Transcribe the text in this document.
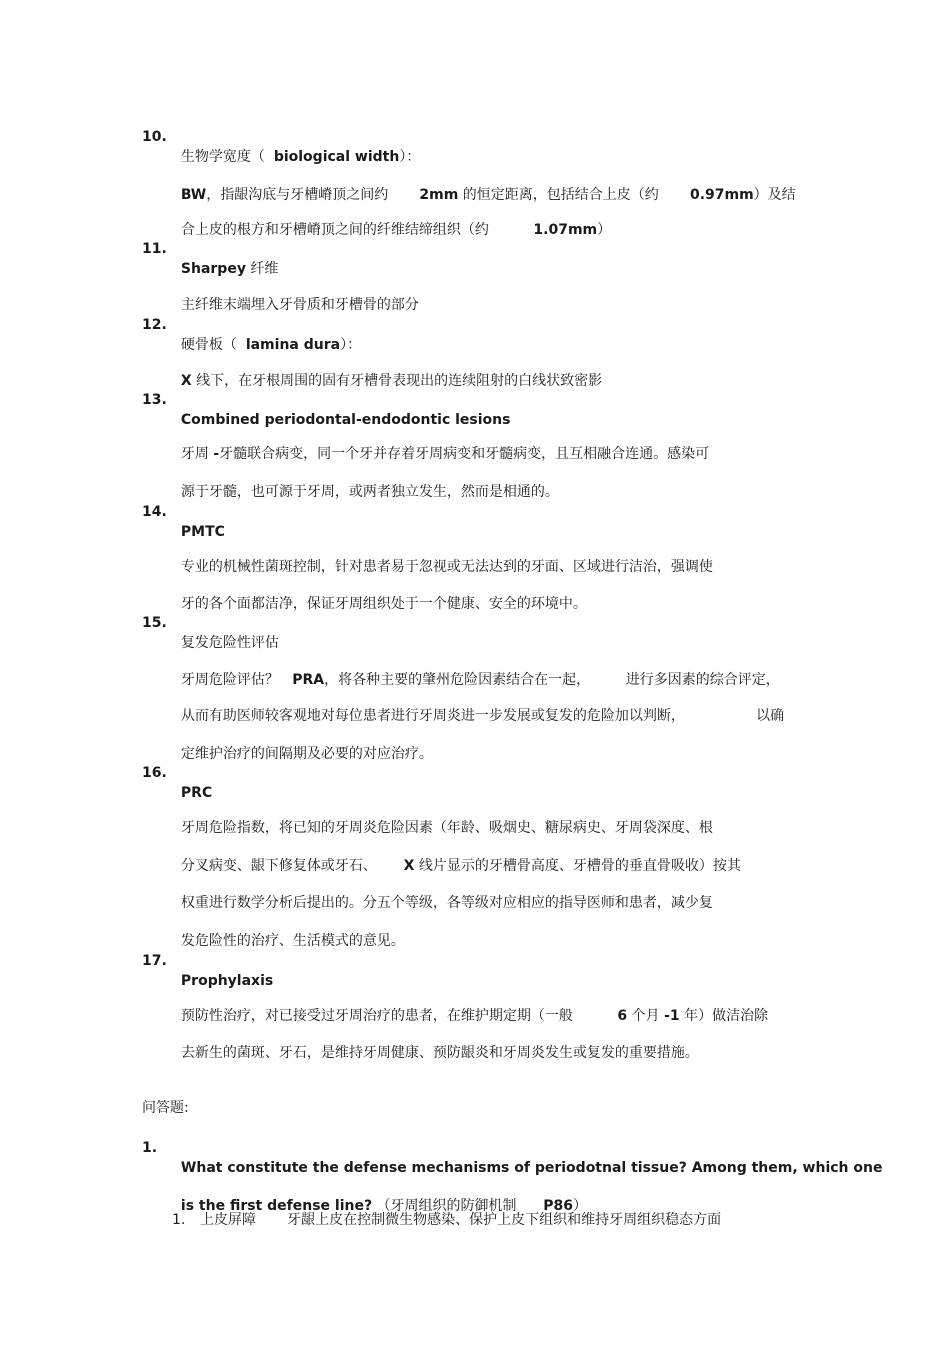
10.

生物学宽度（  biological width）：

BW，指龈沟底与牙槽嵴顶之间约       2mm 的恒定距离，包括结合上皮（约       0.97mm）及结

合上皮的根方和牙槽嵴顶之间的纤维结缔组织（约          1.07mm）

11.

Sharpey 纤维

主纤维末端埋入牙骨质和牙槽骨的部分

12.

硬骨板（  lamina dura）：

X 线下，在牙根周围的固有牙槽骨表现出的连续阻射的白线状致密影

13.

Combined periodontal-endodontic lesions

牙周 -牙髓联合病变，同一个牙并存着牙周病变和牙髓病变，且互相融合连通。感染可

源于牙髓，也可源于牙周，或两者独立发生，然而是相通的。

14.

PMTC

专业的机械性菌斑控制，针对患者易于忽视或无法达到的牙面、区域进行洁治，强调使

牙的各个面都洁净，保证牙周组织处于一个健康、安全的环境中。

15.

复发危险性评估

牙周危险评估？   PRA，将各种主要的肇州危险因素结合在一起，        进行多因素的综合评定，

从而有助医师较客观地对每位患者进行牙周炎进一步发展或复发的危险加以判断，                以确

定维护治疗的间隔期及必要的对应治疗。

16.

PRC

牙周危险指数，将已知的牙周炎危险因素（年龄、吸烟史、糖尿病史、牙周袋深度、根

分叉病变、龈下修复体或牙石、      X 线片显示的牙槽骨高度、牙槽骨的垂直骨吸收）按其

权重进行数学分析后提出的。分五个等级，各等级对应相应的指导医师和患者，减少复

发危险性的治疗、生活模式的意见。

17.

Prophylaxis

预防性治疗，对已接受过牙周治疗的患者，在维护期定期（一般          6 个月 -1 年）做洁治除

去新生的菌斑、牙石，是维持牙周健康、预防龈炎和牙周炎发生或复发的重要措施。

问答题:
1.

What constitute the defense mechanisms of periodotnal tissue? Among them, which one

is the first defense line? （牙周组织的防御机制      P86）

1. 上皮屏障       牙龈上皮在控制微生物感染、保护上皮下组织和维持牙周组织稳态方面
